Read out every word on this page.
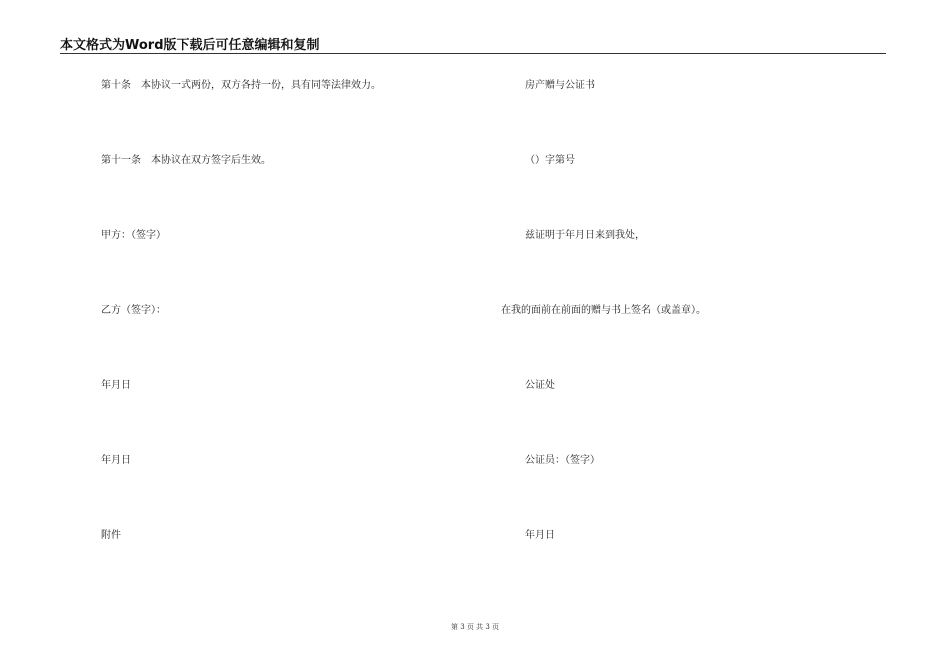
本文格式为Word版下载后可任意编辑和复制
第十条　本协议一式两份，双方各持一份，具有同等法律效力。
第十一条　本协议在双方签字后生效。
甲方：（签字）
乙方（签字）：
年月日
年月日
附件
房产赠与公证书
（）字第号
兹证明于年月日来到我处，
在我的面前在前面的赠与书上签名（或盖章）。
公证处
公证员：（签字）
年月日
第 3 页 共 3 页
